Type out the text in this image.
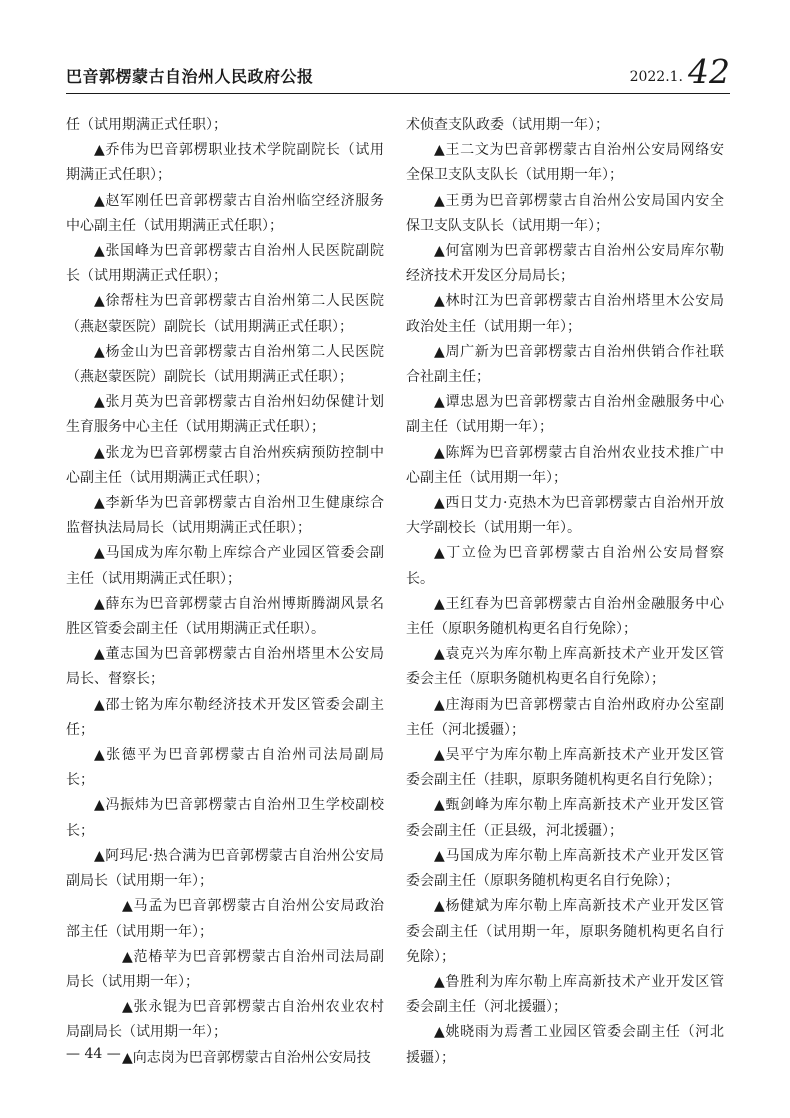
巴音郭楞蒙古自治州人民政府公报	2022.1. 42

任（试用期满正式任职）；

▲乔伟为巴音郭楞职业技术学院副院长（试用期满正式任职）；

▲赵军刚任巴音郭楞蒙古自治州临空经济服务中心副主任（试用期满正式任职）；

▲张国峰为巴音郭楞蒙古自治州人民医院副院长（试用期满正式任职）；

▲徐帮柱为巴音郭楞蒙古自治州第二人民医院（燕赵蒙医院）副院长（试用期满正式任职）；

▲杨金山为巴音郭楞蒙古自治州第二人民医院（燕赵蒙医院）副院长（试用期满正式任职）；

▲张月英为巴音郭楞蒙古自治州妇幼保健计划生育服务中心主任（试用期满正式任职）；

▲张龙为巴音郭楞蒙古自治州疾病预防控制中心副主任（试用期满正式任职）；

▲李新华为巴音郭楞蒙古自治州卫生健康综合监督执法局局长（试用期满正式任职）；

▲马国成为库尔勒上库综合产业园区管委会副主任（试用期满正式任职）；

▲薛东为巴音郭楞蒙古自治州博斯腾湖风景名胜区管委会副主任（试用期满正式任职）。

▲董志国为巴音郭楞蒙古自治州塔里木公安局局长、督察长；

▲邵士铭为库尔勒经济技术开发区管委会副主任；

▲张德平为巴音郭楞蒙古自治州司法局副局长；

▲冯振炜为巴音郭楞蒙古自治州卫生学校副校长；

▲阿玛尼·热合满为巴音郭楞蒙古自治州公安局副局长（试用期一年）；

▲马孟为巴音郭楞蒙古自治州公安局政治部主任（试用期一年）；

▲范椿苹为巴音郭楞蒙古自治州司法局副局长（试用期一年）；

▲张永锟为巴音郭楞蒙古自治州农业农村局副局长（试用期一年）；

▲向志岗为巴音郭楞蒙古自治州公安局技

术侦查支队政委（试用期一年）；

▲王二文为巴音郭楞蒙古自治州公安局网络安全保卫支队支队长（试用期一年）；

▲王勇为巴音郭楞蒙古自治州公安局国内安全保卫支队支队长（试用期一年）；

▲何富刚为巴音郭楞蒙古自治州公安局库尔勒经济技术开发区分局局长；

▲林时江为巴音郭楞蒙古自治州塔里木公安局政治处主任（试用期一年）；

▲周广新为巴音郭楞蒙古自治州供销合作社联合社副主任；

▲谭忠恩为巴音郭楞蒙古自治州金融服务中心副主任（试用期一年）；

▲陈辉为巴音郭楞蒙古自治州农业技术推广中心副主任（试用期一年）；

▲西日艾力·克热木为巴音郭楞蒙古自治州开放大学副校长（试用期一年）。

▲丁立俭为巴音郭楞蒙古自治州公安局督察长。

▲王红春为巴音郭楞蒙古自治州金融服务中心主任（原职务随机构更名自行免除）；

▲袁克兴为库尔勒上库高新技术产业开发区管委会主任（原职务随机构更名自行免除）；

▲庄海雨为巴音郭楞蒙古自治州政府办公室副主任（河北援疆）；

▲吴平宁为库尔勒上库高新技术产业开发区管委会副主任（挂职，原职务随机构更名自行免除）；

▲甄剑峰为库尔勒上库高新技术产业开发区管委会副主任（正县级，河北援疆）；

▲马国成为库尔勒上库高新技术产业开发区管委会副主任（原职务随机构更名自行免除）；

▲杨健斌为库尔勒上库高新技术产业开发区管委会副主任（试用期一年，原职务随机构更名自行免除）；

▲鲁胜利为库尔勒上库高新技术产业开发区管委会副主任（河北援疆）；

▲姚晓雨为焉耆工业园区管委会副主任（河北援疆）；

— 44 —
